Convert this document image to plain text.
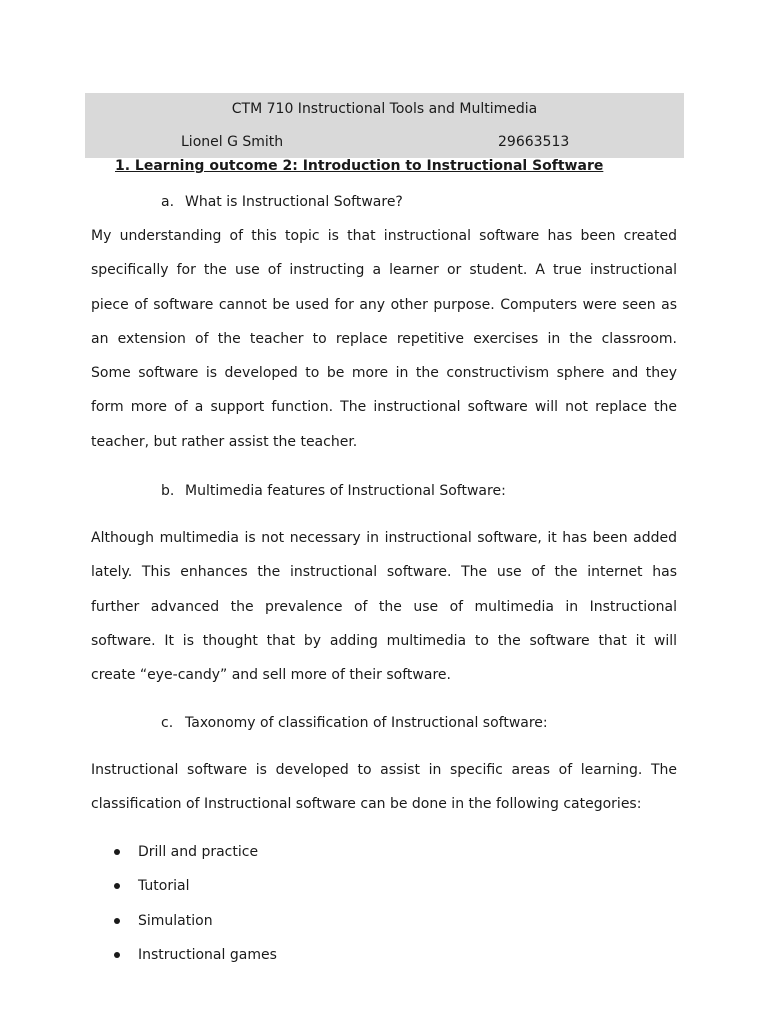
CTM 710 Instructional Tools and Multimedia
Lionel G Smith	29663513
1. Learning outcome 2: Introduction to Instructional Software
a. What is Instructional Software?
My understanding of this topic is that instructional software has been created
specifically for the use of instructing a learner or student. A true instructional
piece of software cannot be used for any other purpose. Computers were seen as
an extension of the teacher to replace repetitive exercises in the classroom.
Some software is developed to be more in the constructivism sphere and they
form more of a support function. The instructional software will not replace the
teacher, but rather assist the teacher.
b. Multimedia features of Instructional Software:
Although multimedia is not necessary in instructional software, it has been added
lately. This enhances the instructional software. The use of the internet has
further advanced the prevalence of the use of multimedia in Instructional
software. It is thought that by adding multimedia to the software that it will
create “eye-candy” and sell more of their software.
c. Taxonomy of classification of Instructional software:
Instructional software is developed to assist in specific areas of learning. The
classification of Instructional software can be done in the following categories:
Drill and practice
Tutorial
Simulation
Instructional games
